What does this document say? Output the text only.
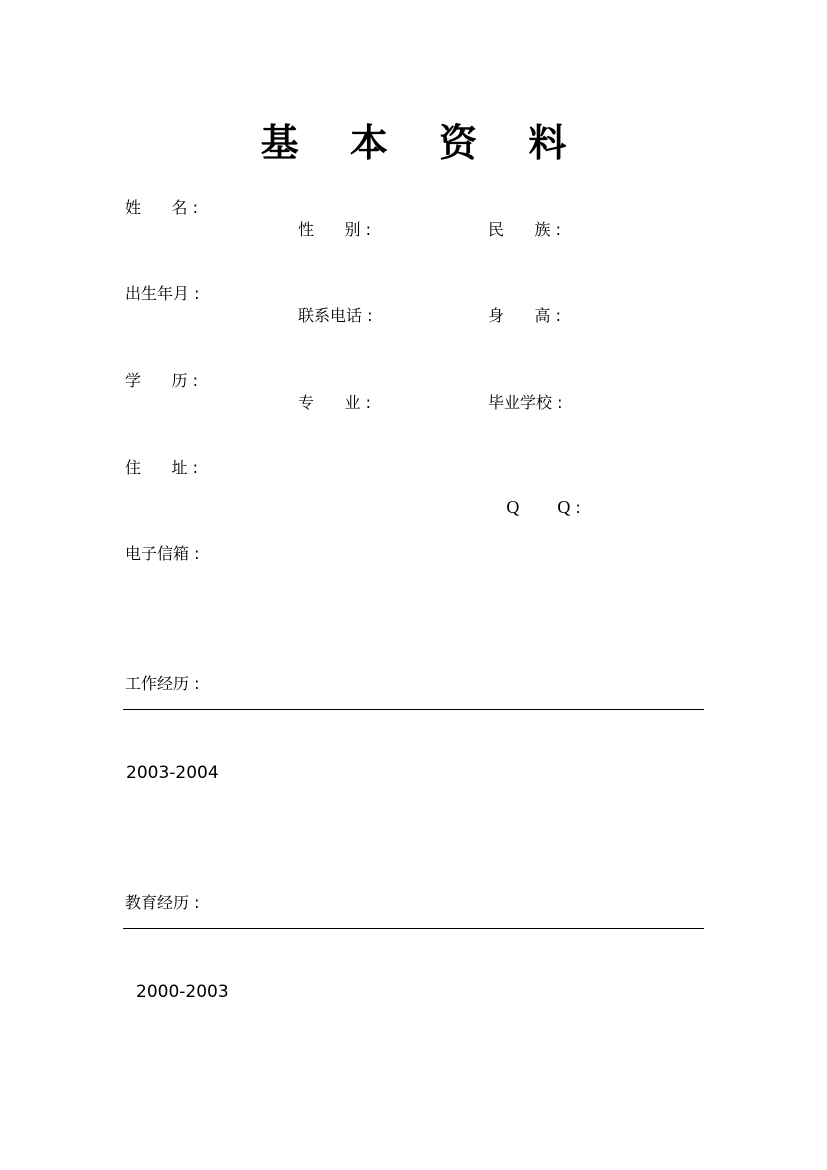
基 本 资 料
姓      名 :
性      别 :	民      族 :
出生年月 :
联系电话 :	身      高 :
学      历 :
专      业 :	毕业学校 :
住      址 :

Q Q :

电子信箱 :
工作经历 :
2003-2004
教育经历 :
2000-2003
